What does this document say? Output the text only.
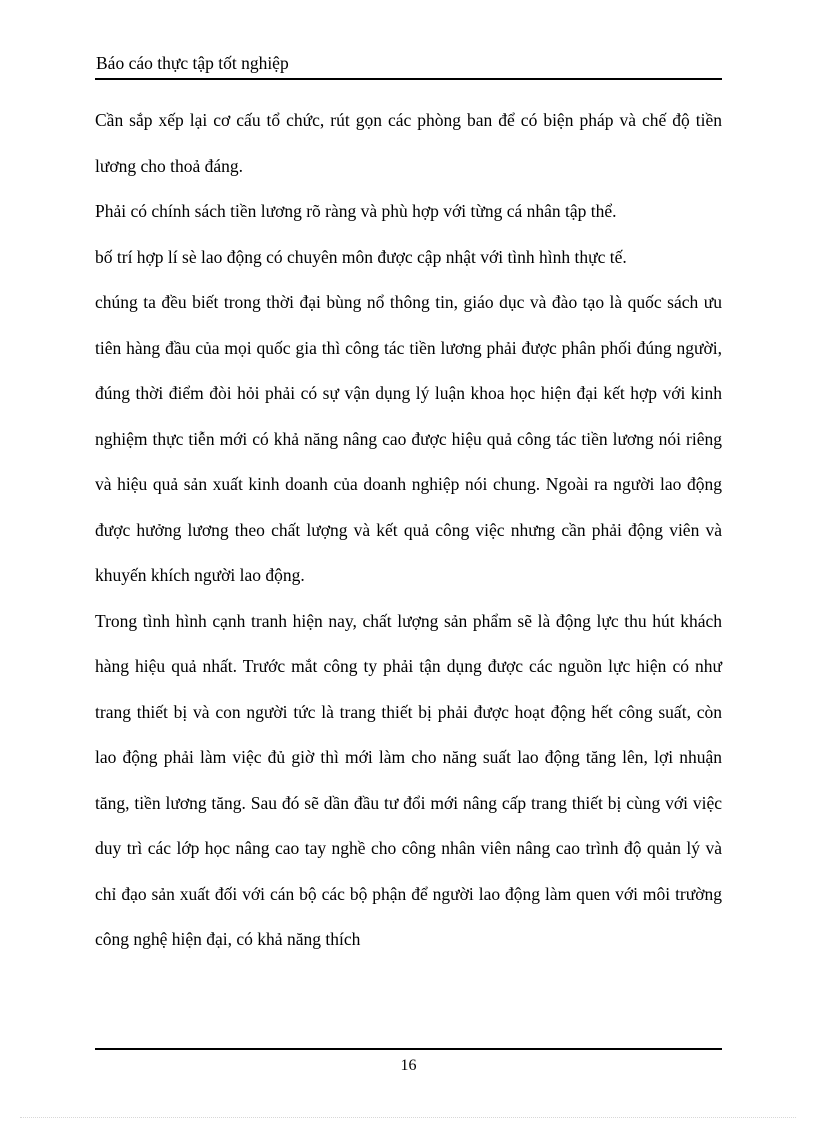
Báo cáo thực tập tốt nghiệp

Cần sắp xếp lại cơ cấu tổ chức, rút gọn các phòng ban để có biện pháp và chế độ tiền lương cho thoả đáng.

Phải có chính sách tiền lương rõ ràng và phù hợp với từng cá nhân tập thể.

bố trí hợp lí sè lao động có chuyên môn được cập nhật với tình hình thực tế.

chúng ta đều biết trong thời đại bùng nổ thông tin, giáo dục và đào tạo là quốc sách ưu tiên hàng đầu của mọi quốc gia thì công tác tiền lương phải được phân phối đúng người, đúng thời điểm đòi hỏi phải có sự vận dụng lý luận khoa học hiện đại kết hợp với kinh nghiệm thực tiễn mới có khả năng nâng cao được hiệu quả công tác tiền lương nói riêng và hiệu quả sản xuất kinh doanh của doanh nghiệp nói chung. Ngoài ra người lao động được hưởng lương theo chất lượng và kết quả công việc nhưng cần phải động viên và khuyến khích người lao động.

Trong tình hình cạnh tranh hiện nay, chất lượng sản phẩm sẽ là động lực thu hút khách hàng hiệu quả nhất. Trước mắt công ty phải tận dụng được các nguồn lực hiện có như trang thiết bị và con người tức là trang thiết bị phải được hoạt động hết công suất, còn lao động phải làm việc đủ giờ thì mới làm cho năng suất lao động tăng lên, lợi nhuận tăng, tiền lương tăng. Sau đó sẽ dần đầu tư đổi mới nâng cấp trang thiết bị cùng với việc duy trì các lớp học nâng cao tay nghề cho công nhân viên nâng cao trình độ quản lý và chỉ đạo sản xuất đối với cán bộ các bộ phận để người lao động làm quen với môi trường công nghệ hiện đại, có khả năng thích

16
